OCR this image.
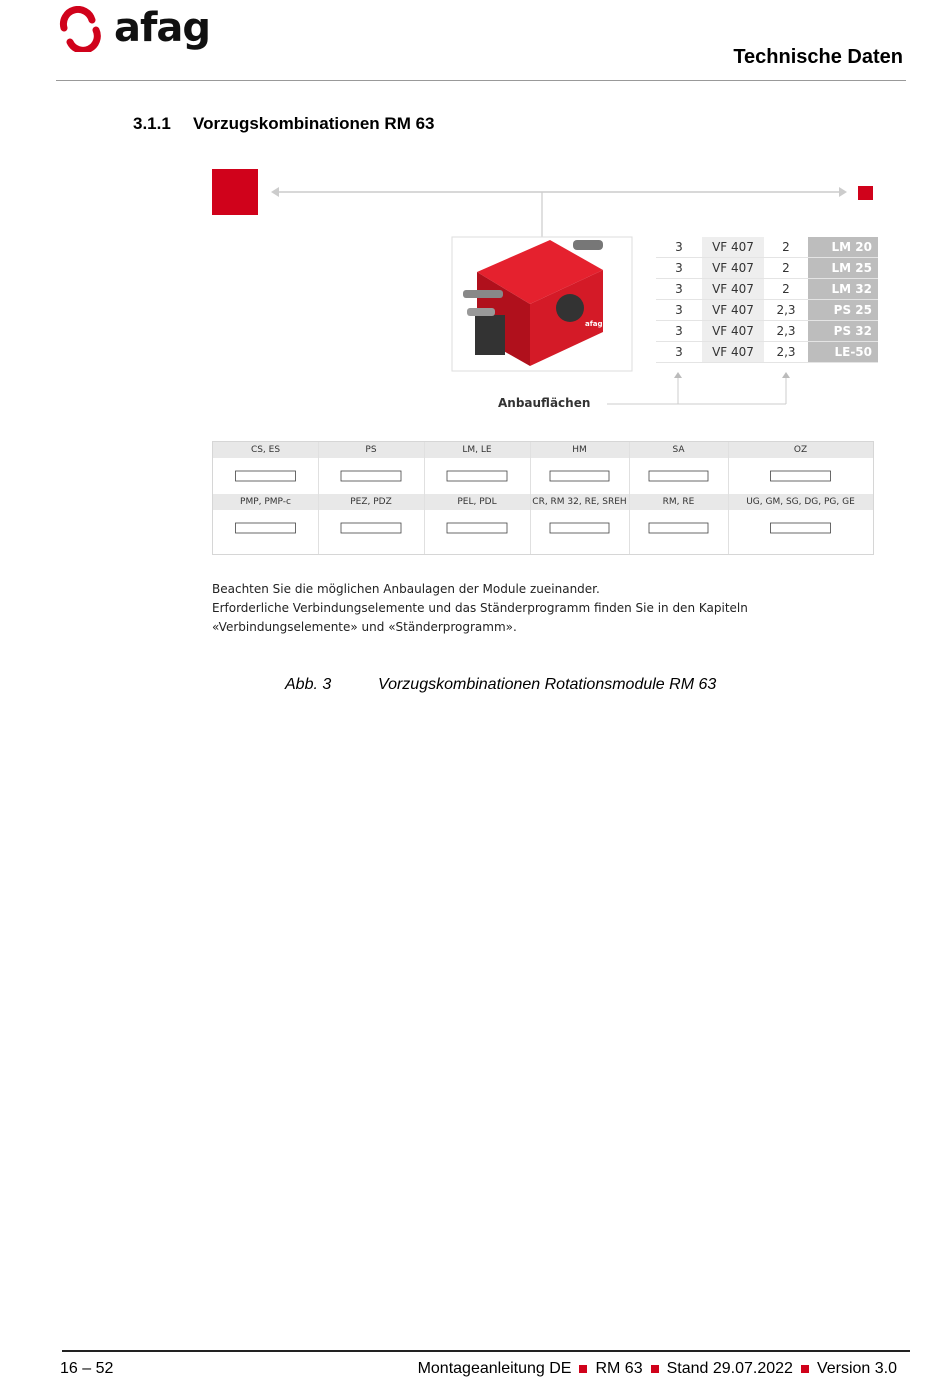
afag
Technische Daten
3.1.1 Vorzugskombinationen RM 63
afag
3	VF 407	2	LM 20
3	VF 407	2	LM 25
3	VF 407	2	LM 32
3	VF 407	2,3	PS 25
3	VF 407	2,3	PS 32
3	VF 407	2,3	LE-50
Anbauflächen
CS, ES	PS	LM, LE	HM	SA	OZ
PMP, PMP-c	PEZ, PDZ	PEL, PDL	CR, RM 32, RE, SREH	RM, RE	UG, GM, SG, DG, PG, GE
Beachten Sie die möglichen Anbaulagen der Module zueinander.
Erforderliche Verbindungselemente und das Ständerprogramm finden Sie in den Kapiteln «Verbindungselemente» und «Ständerprogramm».
Abb. 3	Vorzugskombinationen Rotationsmodule RM 63
16 – 52	Montageanleitung DE RM 63 Stand 29.07.2022 Version 3.0
